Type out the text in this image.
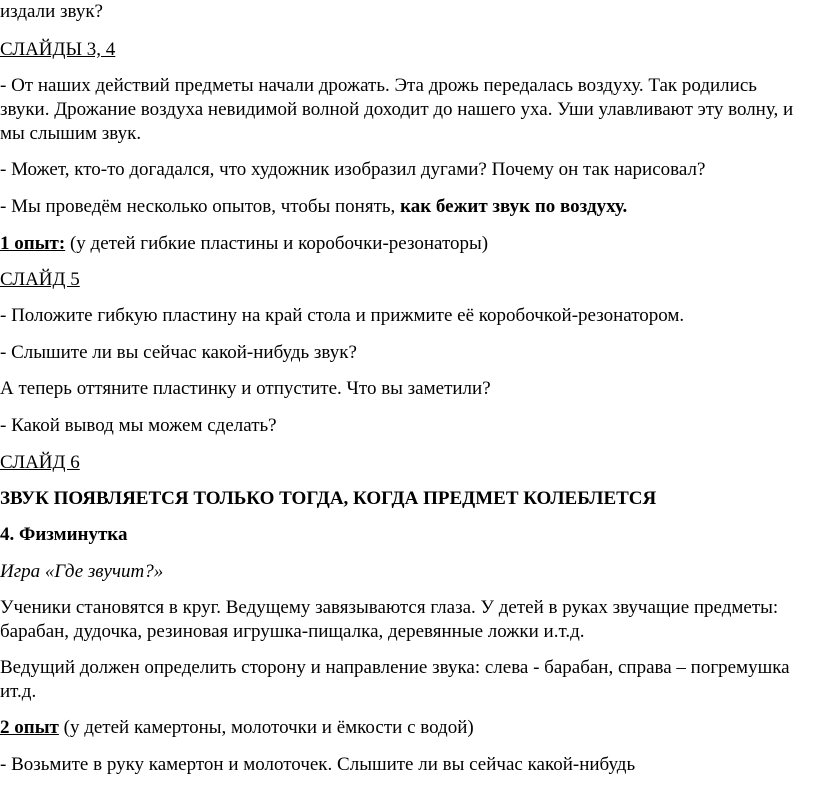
издали звук?
СЛАЙДЫ 3, 4
- От наших действий предметы начали дрожать. Эта дрожь передалась воздуху. Так родились звуки. Дрожание воздуха невидимой волной доходит до нашего уха. Уши улавливают эту волну, и мы слышим звук.
- Может, кто-то догадался, что художник изобразил дугами? Почему он так нарисовал?
- Мы проведём несколько опытов, чтобы понять, как бежит звук по воздуху.
1 опыт: (у детей гибкие пластины и коробочки-резонаторы)
СЛАЙД 5
- Положите гибкую пластину на край стола и прижмите её коробочкой-резонатором.
- Слышите ли вы сейчас какой-нибудь звук?
А теперь оттяните пластинку и отпустите. Что вы заметили?
- Какой вывод мы можем сделать?
СЛАЙД 6
ЗВУК ПОЯВЛЯЕТСЯ ТОЛЬКО ТОГДА, КОГДА ПРЕДМЕТ КОЛЕБЛЕТСЯ
4. Физминутка
Игра «Где звучит?»
Ученики становятся в круг. Ведущему завязываются глаза. У детей в руках звучащие предметы: барабан, дудочка, резиновая игрушка-пищалка, деревянные ложки и.т.д.
Ведущий должен определить сторону и направление звука: слева - барабан, справа – погремушка ит.д.
2 опыт (у детей камертоны, молоточки и ёмкости с водой)
- Возьмите в руку камертон и молоточек. Слышите ли вы сейчас какой-нибудь
